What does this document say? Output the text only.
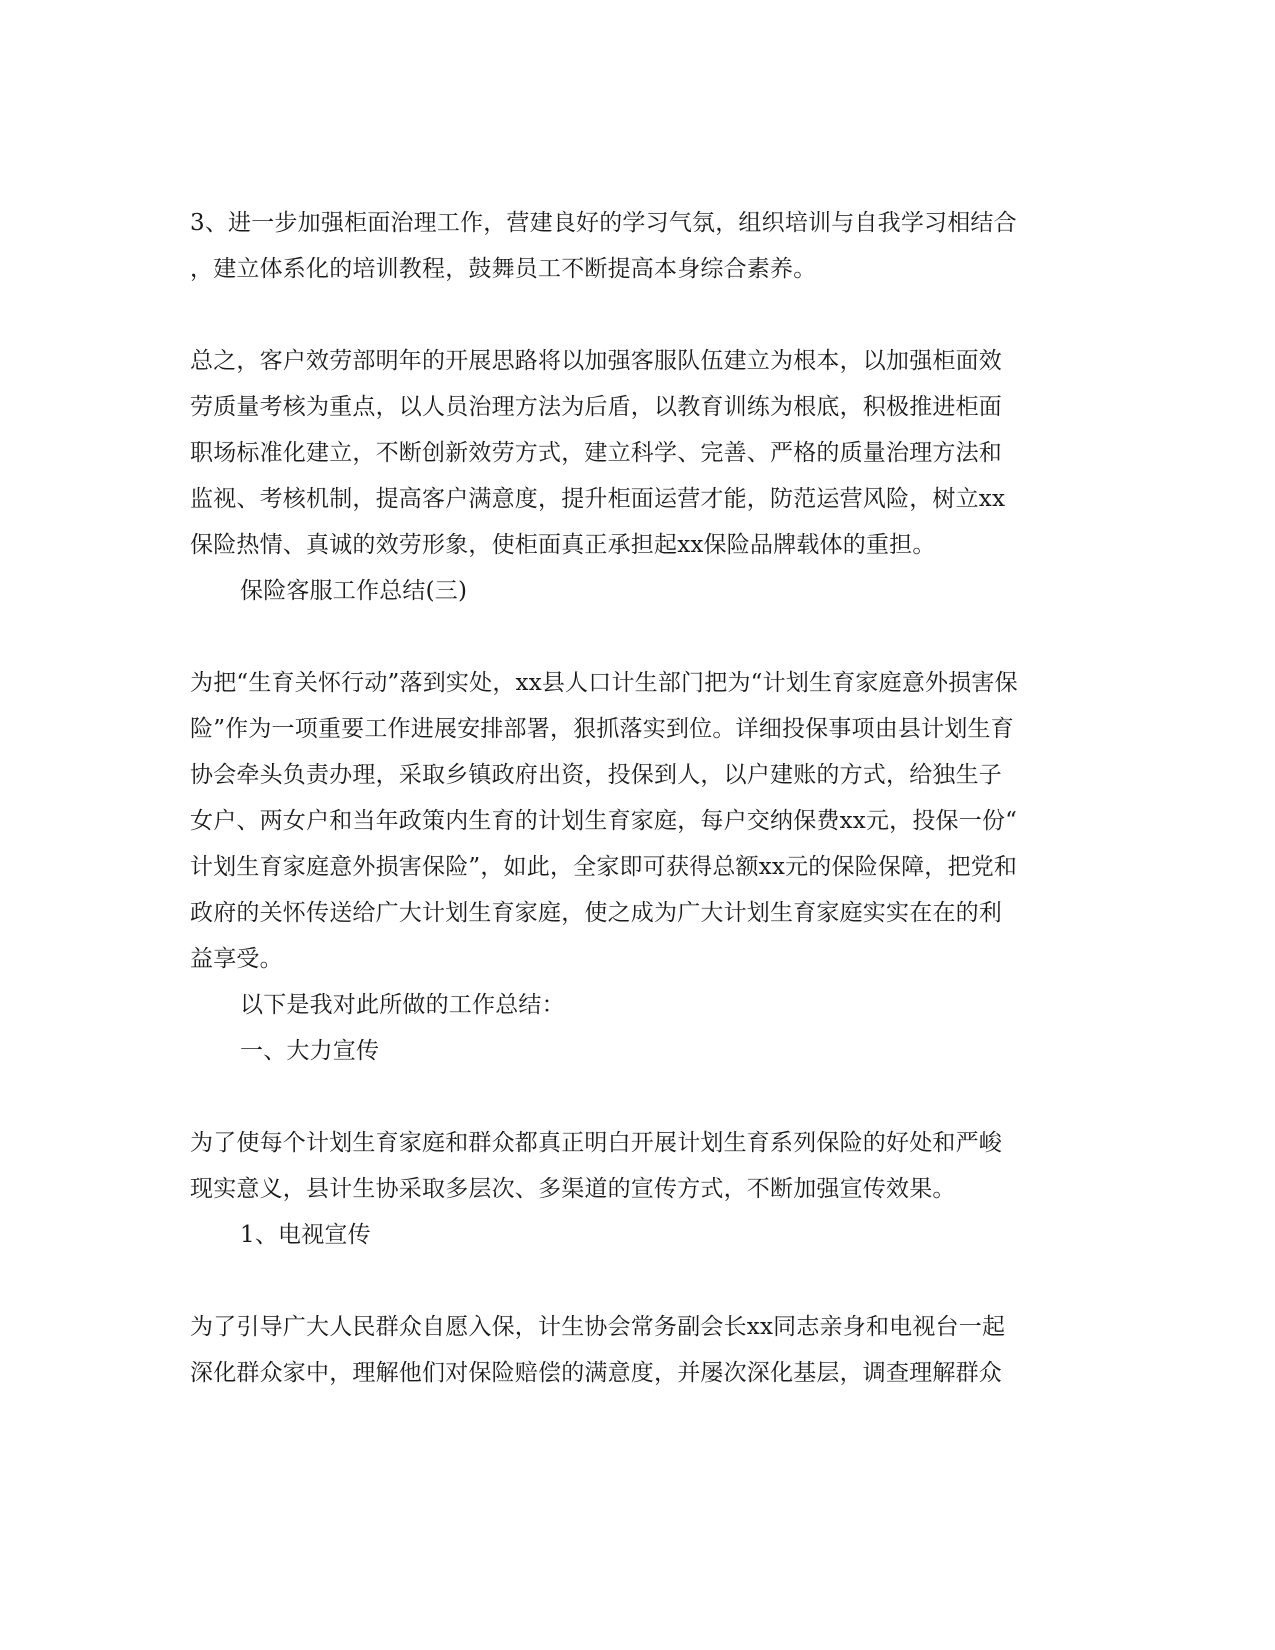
3、进一步加强柜面治理工作，营建良好的学习气氛，组织培训与自我学习相结合
，建立体系化的培训教程，鼓舞员工不断提高本身综合素养。
总之，客户效劳部明年的开展思路将以加强客服队伍建立为根本，以加强柜面效
劳质量考核为重点，以人员治理方法为后盾，以教育训练为根底，积极推进柜面
职场标准化建立，不断创新效劳方式，建立科学、完善、严格的质量治理方法和
监视、考核机制，提高客户满意度，提升柜面运营才能，防范运营风险，树立xx
保险热情、真诚的效劳形象，使柜面真正承担起xx保险品牌载体的重担。
保险客服工作总结(三)
为把“生育关怀行动”落到实处，xx县人口计生部门把为“计划生育家庭意外损害保
险”作为一项重要工作进展安排部署，狠抓落实到位。详细投保事项由县计划生育
协会牵头负责办理，采取乡镇政府出资，投保到人，以户建账的方式，给独生子
女户、两女户和当年政策内生育的计划生育家庭，每户交纳保费xx元，投保一份“
计划生育家庭意外损害保险”，如此，全家即可获得总额xx元的保险保障，把党和
政府的关怀传送给广大计划生育家庭，使之成为广大计划生育家庭实实在在的利
益享受。
以下是我对此所做的工作总结：
一、大力宣传
为了使每个计划生育家庭和群众都真正明白开展计划生育系列保险的好处和严峻
现实意义，县计生协采取多层次、多渠道的宣传方式，不断加强宣传效果。
1、电视宣传
为了引导广大人民群众自愿入保，计生协会常务副会长xx同志亲身和电视台一起
深化群众家中，理解他们对保险赔偿的满意度，并屡次深化基层，调查理解群众
